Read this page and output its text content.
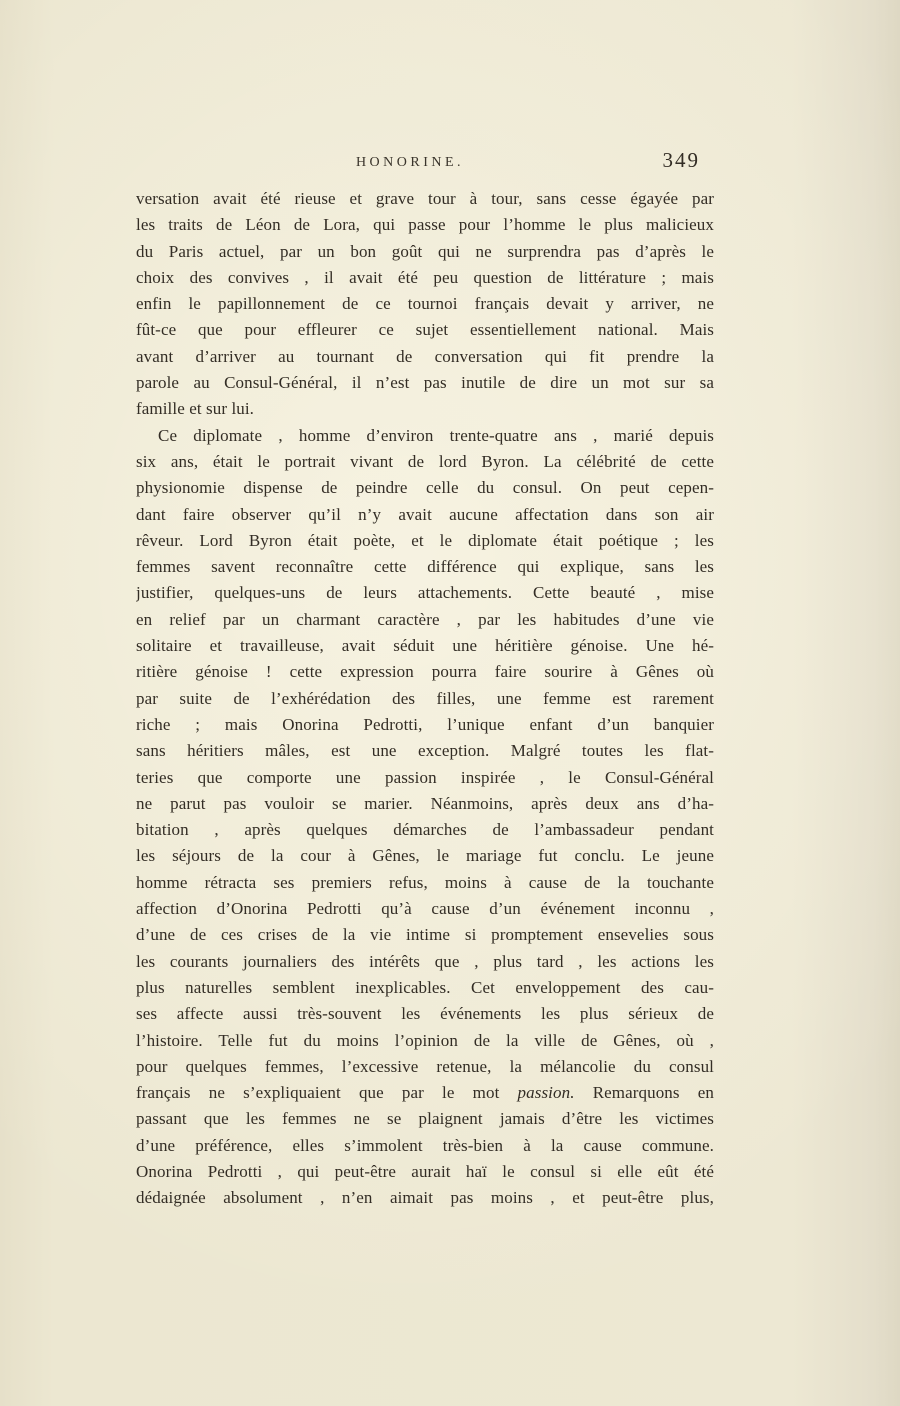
HONORINE.	349
versation avait été rieuse et grave tour à tour, sans cesse égayée par
les traits de Léon de Lora, qui passe pour l’homme le plus malicieux
du Paris actuel, par un bon goût qui ne surprendra pas d’après le
choix des convives , il avait été peu question de littérature ; mais
enfin le papillonnement de ce tournoi français devait y arriver, ne
fût-ce que pour effleurer ce sujet essentiellement national. Mais
avant d’arriver au tournant de conversation qui fit prendre la
parole au Consul-Général, il n’est pas inutile de dire un mot sur sa
famille et sur lui.
Ce diplomate , homme d’environ trente-quatre ans , marié depuis
six ans, était le portrait vivant de lord Byron. La célébrité de cette
physionomie dispense de peindre celle du consul. On peut cepen-
dant faire observer qu’il n’y avait aucune affectation dans son air
rêveur. Lord Byron était poète, et le diplomate était poétique ; les
femmes savent reconnaître cette différence qui explique, sans les
justifier, quelques-uns de leurs attachements. Cette beauté , mise
en relief par un charmant caractère , par les habitudes d’une vie
solitaire et travailleuse, avait séduit une héritière génoise. Une hé-
ritière génoise ! cette expression pourra faire sourire à Gênes où
par suite de l’exhérédation des filles, une femme est rarement
riche ; mais Onorina Pedrotti, l’unique enfant d’un banquier
sans héritiers mâles, est une exception. Malgré toutes les flat-
teries que comporte une passion inspirée , le Consul-Général
ne parut pas vouloir se marier. Néanmoins, après deux ans d’ha-
bitation , après quelques démarches de l’ambassadeur pendant
les séjours de la cour à Gênes, le mariage fut conclu. Le jeune
homme rétracta ses premiers refus, moins à cause de la touchante
affection d’Onorina Pedrotti qu’à cause d’un événement inconnu ,
d’une de ces crises de la vie intime si promptement ensevelies sous
les courants journaliers des intérêts que , plus tard , les actions les
plus naturelles semblent inexplicables. Cet enveloppement des cau-
ses affecte aussi très-souvent les événements les plus sérieux de
l’histoire. Telle fut du moins l’opinion de la ville de Gênes, où ,
pour quelques femmes, l’excessive retenue, la mélancolie du consul
français ne s’expliquaient que par le mot passion. Remarquons en
passant que les femmes ne se plaignent jamais d’être les victimes
d’une préférence, elles s’immolent très-bien à la cause commune.
Onorina Pedrotti , qui peut-être aurait haï le consul si elle eût été
dédaignée absolument , n’en aimait pas moins , et peut-être plus,
